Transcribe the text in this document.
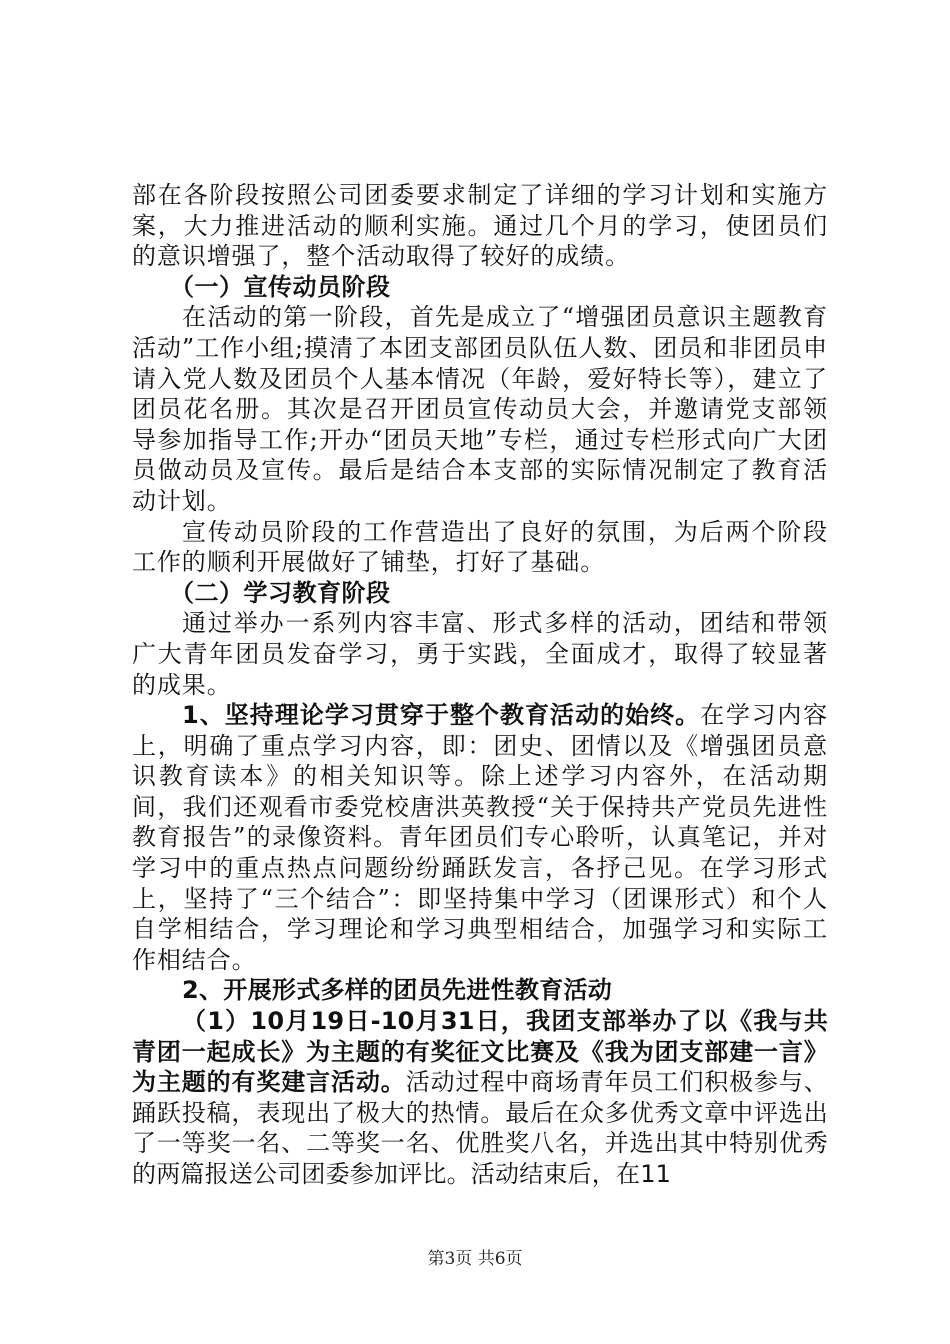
部在各阶段按照公司团委要求制定了详细的学习计划和实施方案，大力推进活动的顺利实施。通过几个月的学习，使团员们的意识增强了，整个活动取得了较好的成绩。

（一）宣传动员阶段

在活动的第一阶段，首先是成立了“增强团员意识主题教育活动”工作小组;摸清了本团支部团员队伍人数、团员和非团员申请入党人数及团员个人基本情况（年龄，爱好特长等），建立了团员花名册。其次是召开团员宣传动员大会，并邀请党支部领导参加指导工作;开办“团员天地”专栏，通过专栏形式向广大团员做动员及宣传。最后是结合本支部的实际情况制定了教育活动计划。

宣传动员阶段的工作营造出了良好的氛围，为后两个阶段工作的顺利开展做好了铺垫，打好了基础。

（二）学习教育阶段

通过举办一系列内容丰富、形式多样的活动，团结和带领广大青年团员发奋学习，勇于实践，全面成才，取得了较显著的成果。

1、坚持理论学习贯穿于整个教育活动的始终。在学习内容上，明确了重点学习内容，即：团史、团情以及《增强团员意识教育读本》的相关知识等。除上述学习内容外，在活动期间，我们还观看市委党校唐洪英教授“关于保持共产党员先进性教育报告”的录像资料。青年团员们专心聆听，认真笔记，并对学习中的重点热点问题纷纷踊跃发言，各抒己见。在学习形式上，坚持了“三个结合”：即坚持集中学习（团课形式）和个人自学相结合，学习理论和学习典型相结合，加强学习和实际工作相结合。

2、开展形式多样的团员先进性教育活动

（1）10月19日-10月31日，我团支部举办了以《我与共青团一起成长》为主题的有奖征文比赛及《我为团支部建一言》为主题的有奖建言活动。活动过程中商场青年员工们积极参与、踊跃投稿，表现出了极大的热情。最后在众多优秀文章中评选出了一等奖一名、二等奖一名、优胜奖八名，并选出其中特别优秀的两篇报送公司团委参加评比。活动结束后，在11

第3页 共6页
